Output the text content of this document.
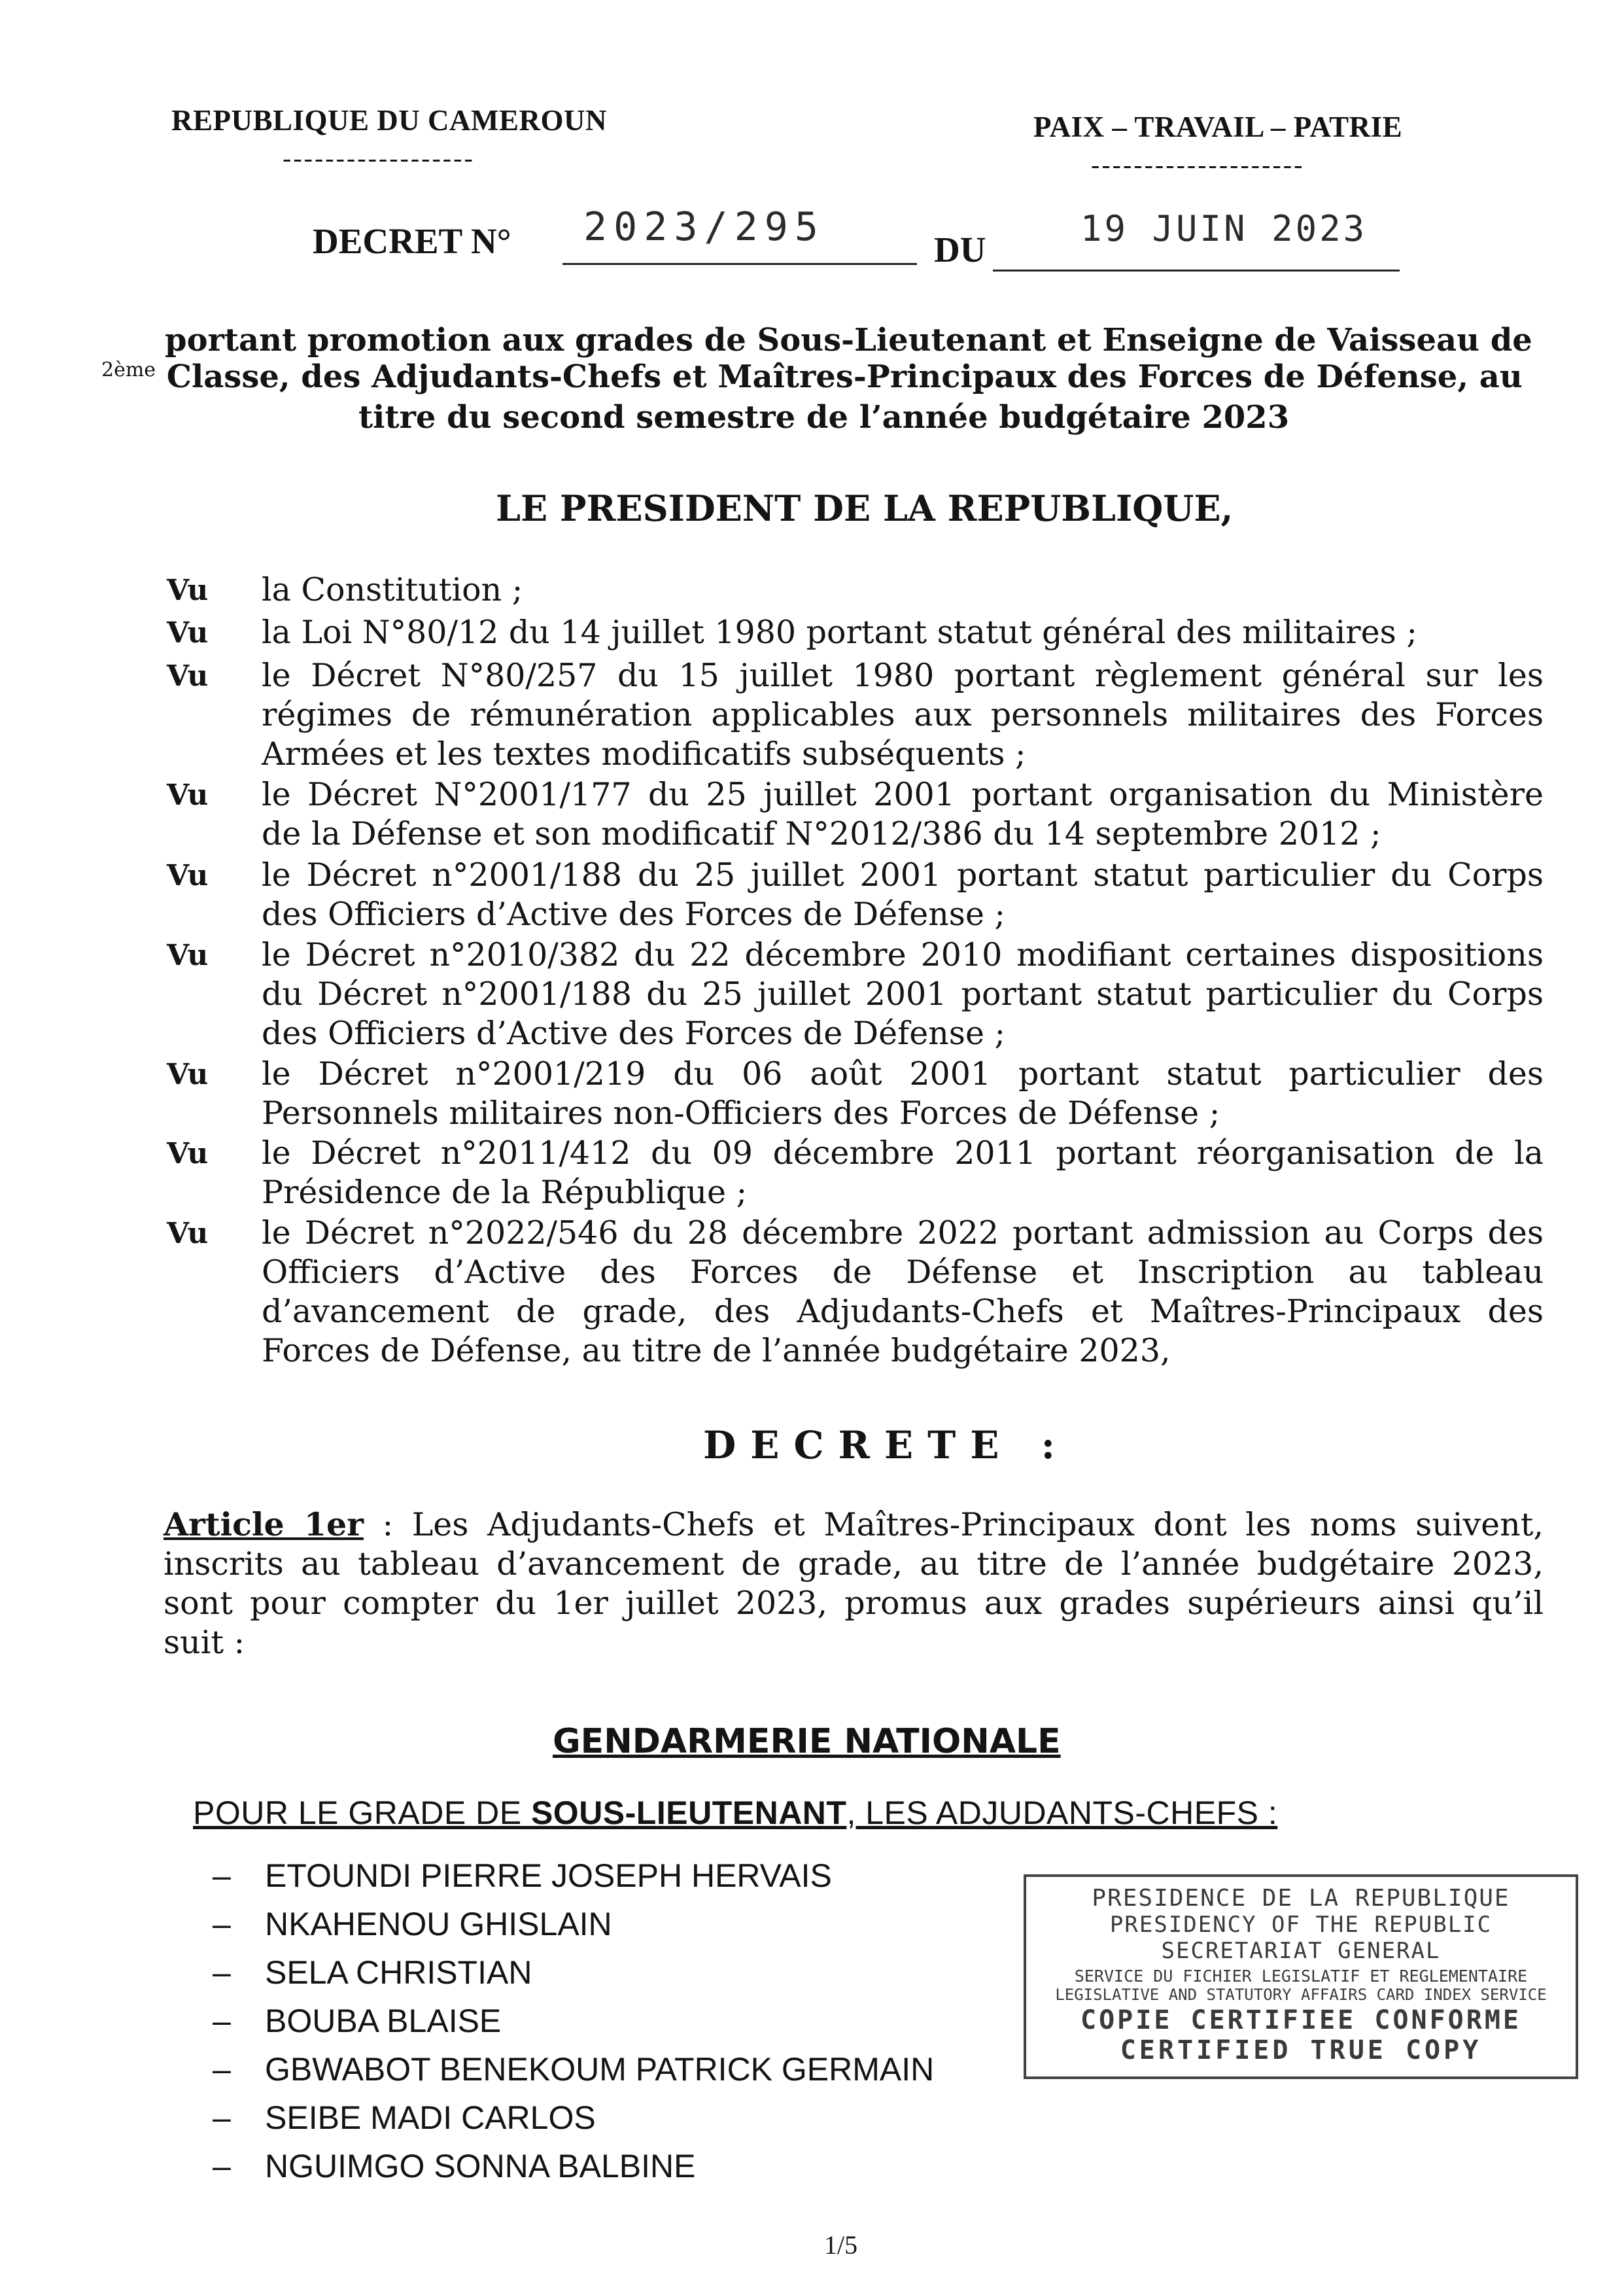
REPUBLIQUE DU CAMEROUN
------------------
PAIX – TRAVAIL – PATRIE
--------------------
DECRET N° 2023/295	DU
19 JUIN 2023
portant promotion aux grades de Sous-Lieutenant et Enseigne de Vaisseau de
$^{2ème}$ Classe, des Adjudants-Chefs et Maîtres-Principaux des Forces de Défense, au
titre du second semestre de l’année budgétaire 2023
LE PRESIDENT DE LA REPUBLIQUE,
Vu la Constitution ;
Vu la Loi N°80/12 du 14 juillet 1980 portant statut général des militaires ;
Vu le Décret N°80/257 du 15 juillet 1980 portant règlement général sur les
régimes de rémunération applicables aux personnels militaires des Forces
Armées et les textes modificatifs subséquents ;
Vu le Décret N°2001/177 du 25 juillet 2001 portant organisation du Ministère
de la Défense et son modificatif N°2012/386 du 14 septembre 2012 ;
Vu le Décret n°2001/188 du 25 juillet 2001 portant statut particulier du Corps
des Officiers d’Active des Forces de Défense ;
Vu le Décret n°2010/382 du 22 décembre 2010 modifiant certaines dispositions
du Décret n°2001/188 du 25 juillet 2001 portant statut particulier du Corps
des Officiers d’Active des Forces de Défense ;
Vu le Décret n°2001/219 du 06 août 2001 portant statut particulier des
Personnels militaires non-Officiers des Forces de Défense ;
Vu le Décret n°2011/412 du 09 décembre 2011 portant réorganisation de la
Présidence de la République ;
Vu le Décret n°2022/546 du 28 décembre 2022 portant admission au Corps des
Officiers d’Active des Forces de Défense et Inscription au tableau
d’avancement de grade, des Adjudants-Chefs et Maîtres-Principaux des
Forces de Défense, au titre de l’année budgétaire 2023,
DECRETE :
Article 1er : Les Adjudants-Chefs et Maîtres-Principaux dont les noms suivent,
inscrits au tableau d’avancement de grade, au titre de l’année budgétaire 2023,
sont pour compter du 1er juillet 2023, promus aux grades supérieurs ainsi qu’il
suit :
GENDARMERIE NATIONALE
POUR LE GRADE DE SOUS-LIEUTENANT, LES ADJUDANTS-CHEFS :
– ETOUNDI PIERRE JOSEPH HERVAIS
– NKAHENOU GHISLAIN
– SELA CHRISTIAN
– BOUBA BLAISE
– GBWABOT BENEKOUM PATRICK GERMAIN
– SEIBE MADI CARLOS
– NGUIMGO SONNA BALBINE
PRESIDENCE DE LA REPUBLIQUE
PRESIDENCY OF THE REPUBLIC
SECRETARIAT GENERAL
SERVICE DU FICHIER LEGISLATIF ET REGLEMENTAIRE
LEGISLATIVE AND STATUTORY AFFAIRS CARD INDEX SERVICE
COPIE CERTIFIEE CONFORME
CERTIFIED TRUE COPY
1/5
